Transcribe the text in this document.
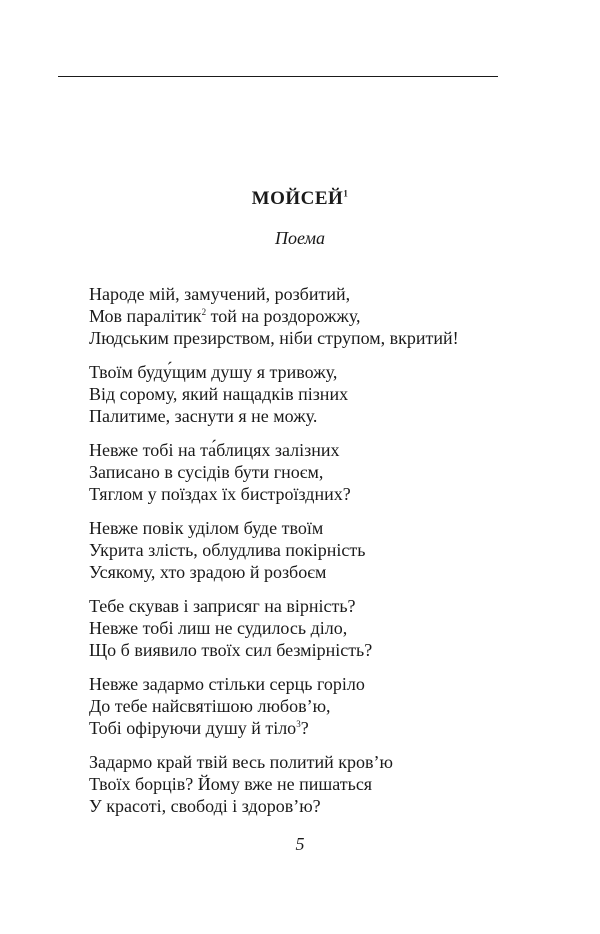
МОЙСЕЙ$^1$
Поема
Народе мій, замучений, розбитий,
Мов паралітик$^2$ той на роздорожжу,
Людським презирством, ніби струпом, вкритий!
Твоїм буду́щим душу я тривожу,
Від сорому, який нащадків пізних
Палитиме, заснути я не можу.
Невже тобі на та́блицях залізних
Записано в сусідів бути гноєм,
Тяглом у поїздах їх бистроїздних?
Невже повік уділом буде твоїм
Укрита злість, облудлива покірність
Усякому, хто зрадою й розбоєм
Тебе скував і заприсяг на вірність?
Невже тобі лиш не судилось діло,
Що б виявило твоїх сил безмірність?
Невже задармо стільки серць горіло
До тебе найсвятішою любов’ю,
Тобі офіруючи душу й тіло$^3$?
Задармо край твій весь политий кров’ю
Твоїх борців? Йому вже не пишаться
У красоті, свободі і здоров’ю?
5
